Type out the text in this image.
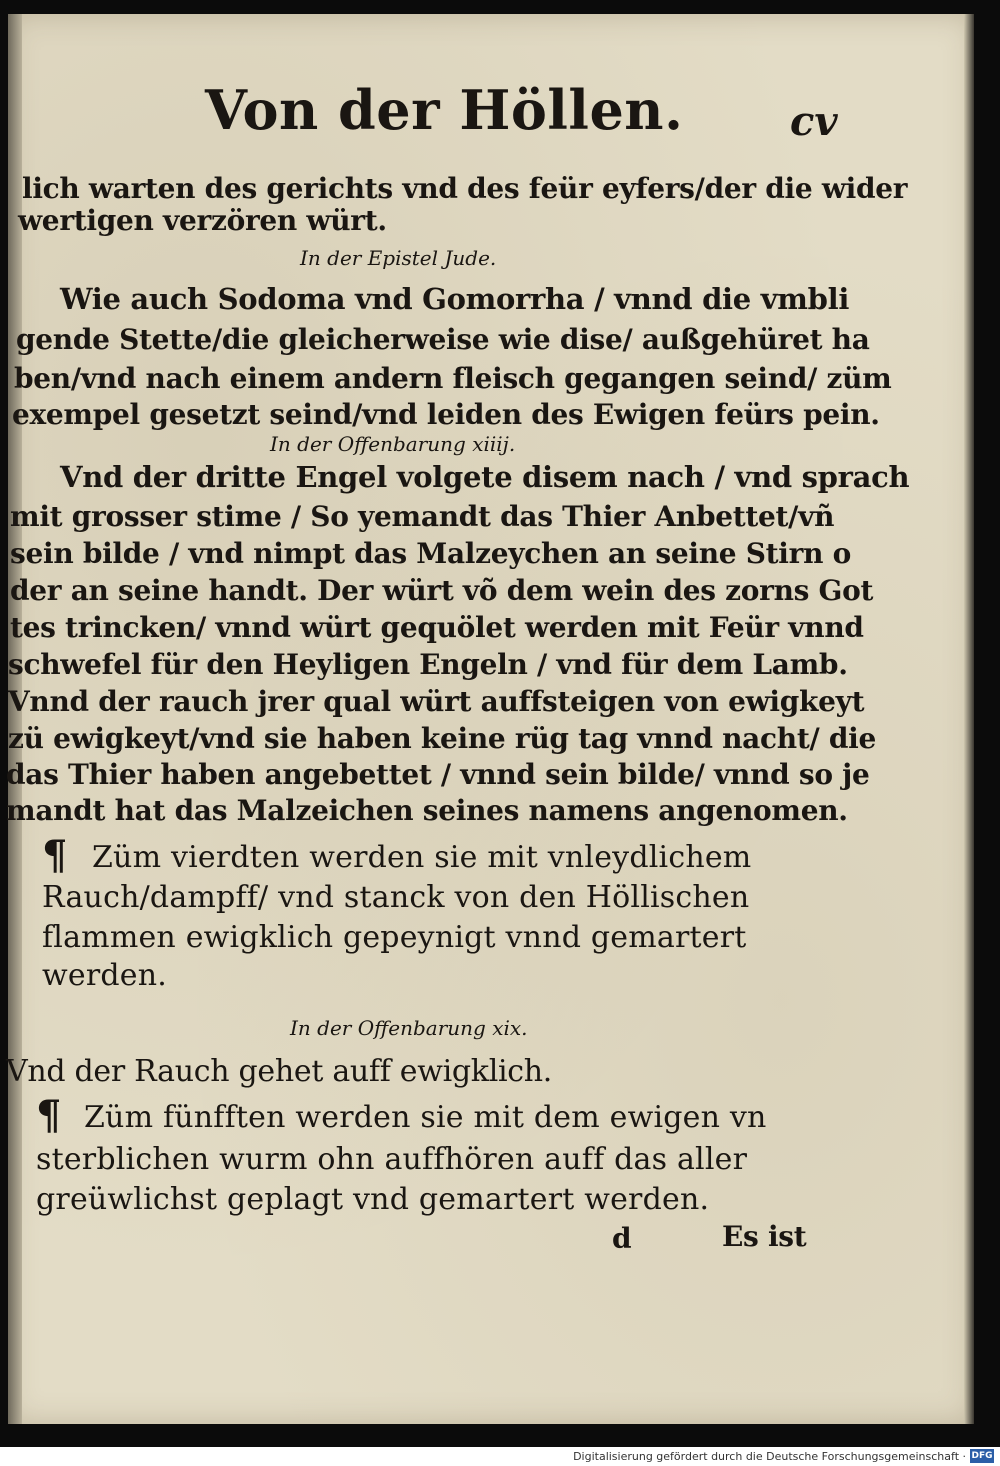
Von der Höllen.	cv
lich warten des gerichts vnd des feür eyfers/der die wider
wertigen verzören würt.
In der Epistel Jude.
Wie auch Sodoma vnd Gomorrha / vnnd die vmbli
gende Stette/die gleicherweise wie dise/ außgehüret ha
ben/vnd nach einem andern fleisch gegangen seind/ züm
exempel gesetzt seind/vnd leiden des Ewigen feürs pein.
In der Offenbarung xiiij.
Vnd der dritte Engel volgete disem nach / vnd sprach
mit grosser stime / So yemandt das Thier Anbettet/vñ
sein bilde / vnd nimpt das Malzeychen an seine Stirn o
der an seine handt. Der würt võ dem wein des zorns Got
tes trincken/ vnnd würt gequölet werden mit Feür vnnd
schwefel für den Heyligen Engeln / vnd für dem Lamb.
Vnnd der rauch jrer qual würt auffsteigen von ewigkeyt
zü ewigkeyt/vnd sie haben keine rüg tag vnnd nacht/ die
das Thier haben angebettet / vnnd sein bilde/ vnnd so je
mandt hat das Malzeichen seines namens angenomen.
¶ Züm vierdten werden sie mit vnleydlichem
Rauch/dampff/ vnd stanck von den Höllischen
flammen ewigklich gepeynigt vnnd gemartert
werden.
In der Offenbarung xix.
Vnd der Rauch gehet auff ewigklich.
¶ Züm fünfften werden sie mit dem ewigen vn
sterblichen wurm ohn auffhören auff das aller
greüwlichst geplagt vnd gemartert werden.
d	Es ist
Digitalisierung gefördert durch die Deutsche Forschungsgemeinschaft · DFG
